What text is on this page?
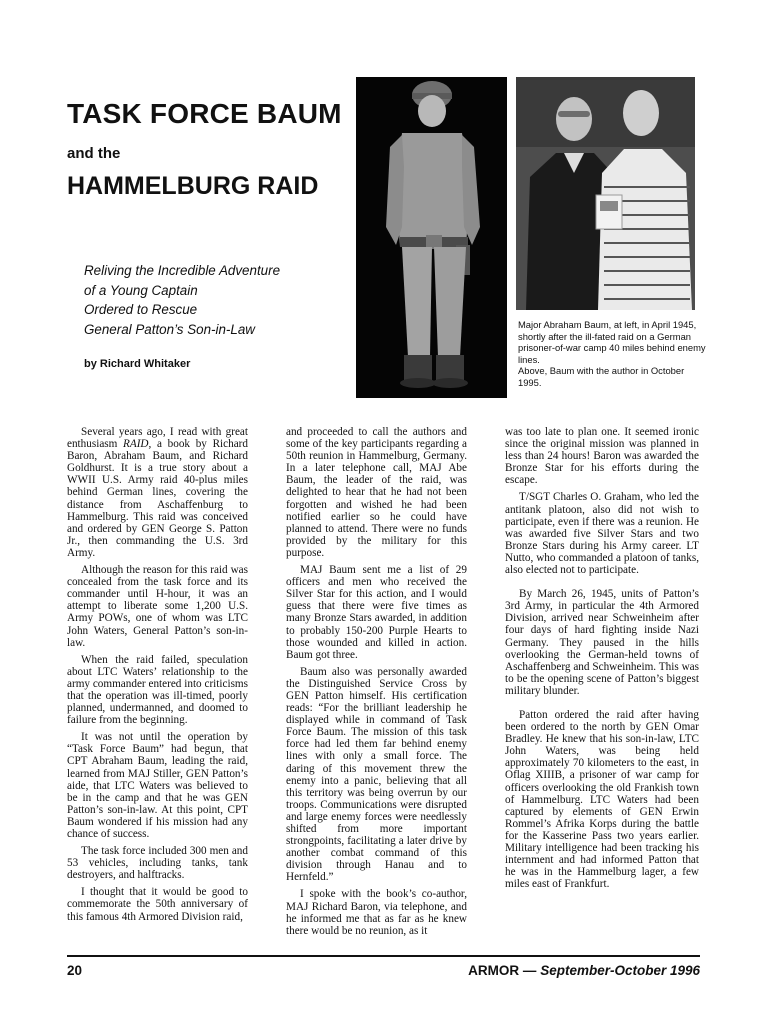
TASK FORCE BAUM
and the
HAMMELBURG RAID
Reliving the Incredible Adventure
of a Young Captain
Ordered to Rescue
General Patton’s Son-in-Law
by Richard Whitaker
Major Abraham Baum, at left, in April 1945, shortly after the ill-fated raid on a German prisoner-of-war camp 40 miles behind enemy lines.
Above, Baum with the author in October 1995.

Several years ago, I read with great enthusiasm RAID, a book by Richard Baron, Abraham Baum, and Richard Goldhurst. It is a true story about a WWII U.S. Army raid 40-plus miles behind German lines, covering the distance from Aschaffenburg to Hammelburg. This raid was conceived and ordered by GEN George S. Patton Jr., then commanding the U.S. 3rd Army.

Although the reason for this raid was concealed from the task force and its commander until H-hour, it was an attempt to liberate some 1,200 U.S. Army POWs, one of whom was LTC John Waters, General Patton’s son-in-law.

When the raid failed, speculation about LTC Waters’ relationship to the army commander entered into criticisms that the operation was ill-timed, poorly planned, undermanned, and doomed to failure from the beginning.

It was not until the operation by “Task Force Baum” had begun, that CPT Abraham Baum, leading the raid, learned from MAJ Stiller, GEN Patton’s aide, that LTC Waters was believed to be in the camp and that he was GEN Patton’s son-in-law. At this point, CPT Baum wondered if his mission had any chance of success.

The task force included 300 men and 53 vehicles, including tanks, tank destroyers, and halftracks.

I thought that it would be good to commemorate the 50th anniversary of this famous 4th Armored Division raid,

and proceeded to call the authors and some of the key participants regarding a 50th reunion in Hammelburg, Germany. In a later telephone call, MAJ Abe Baum, the leader of the raid, was delighted to hear that he had not been forgotten and wished he had been notified earlier so he could have planned to attend. There were no funds provided by the military for this purpose.

MAJ Baum sent me a list of 29 officers and men who received the Silver Star for this action, and I would guess that there were five times as many Bronze Stars awarded, in addition to probably 150-200 Purple Hearts to those wounded and killed in action. Baum got three.

Baum also was personally awarded the Distinguished Service Cross by GEN Patton himself. His certification reads: “For the brilliant leadership he displayed while in command of Task Force Baum. The mission of this task force had led them far behind enemy lines with only a small force. The daring of this movement threw the enemy into a panic, believing that all this territory was being overrun by our troops. Communications were disrupted and large enemy forces were needlessly shifted from more important strongpoints, facilitating a later drive by another combat command of this division through Hanau and to Hernfeld.”

I spoke with the book’s co-author, MAJ Richard Baron, via telephone, and he informed me that as far as he knew there would be no reunion, as it

was too late to plan one. It seemed ironic since the original mission was planned in less than 24 hours! Baron was awarded the Bronze Star for his efforts during the escape.

T/SGT Charles O. Graham, who led the antitank platoon, also did not wish to participate, even if there was a reunion. He was awarded five Silver Stars and two Bronze Stars during his Army career. LT Nutto, who commanded a platoon of tanks, also elected not to participate.

By March 26, 1945, units of Patton’s 3rd Army, in particular the 4th Armored Division, arrived near Schweinheim after four days of hard fighting inside Nazi Germany. They paused in the hills overlooking the German-held towns of Aschaffenberg and Schweinheim. This was to be the opening scene of Patton’s biggest military blunder.

Patton ordered the raid after having been ordered to the north by GEN Omar Bradley. He knew that his son-in-law, LTC John Waters, was being held approximately 70 kilometers to the east, in Oflag XIIIB, a prisoner of war camp for officers overlooking the old Frankish town of Hammelburg. LTC Waters had been captured by elements of GEN Erwin Rommel’s Afrika Korps during the battle for the Kasserine Pass two years earlier. Military intelligence had been tracking his internment and had informed Patton that he was in the Hammelburg lager, a few miles east of Frankfurt.

20	ARMOR — September-October 1996
